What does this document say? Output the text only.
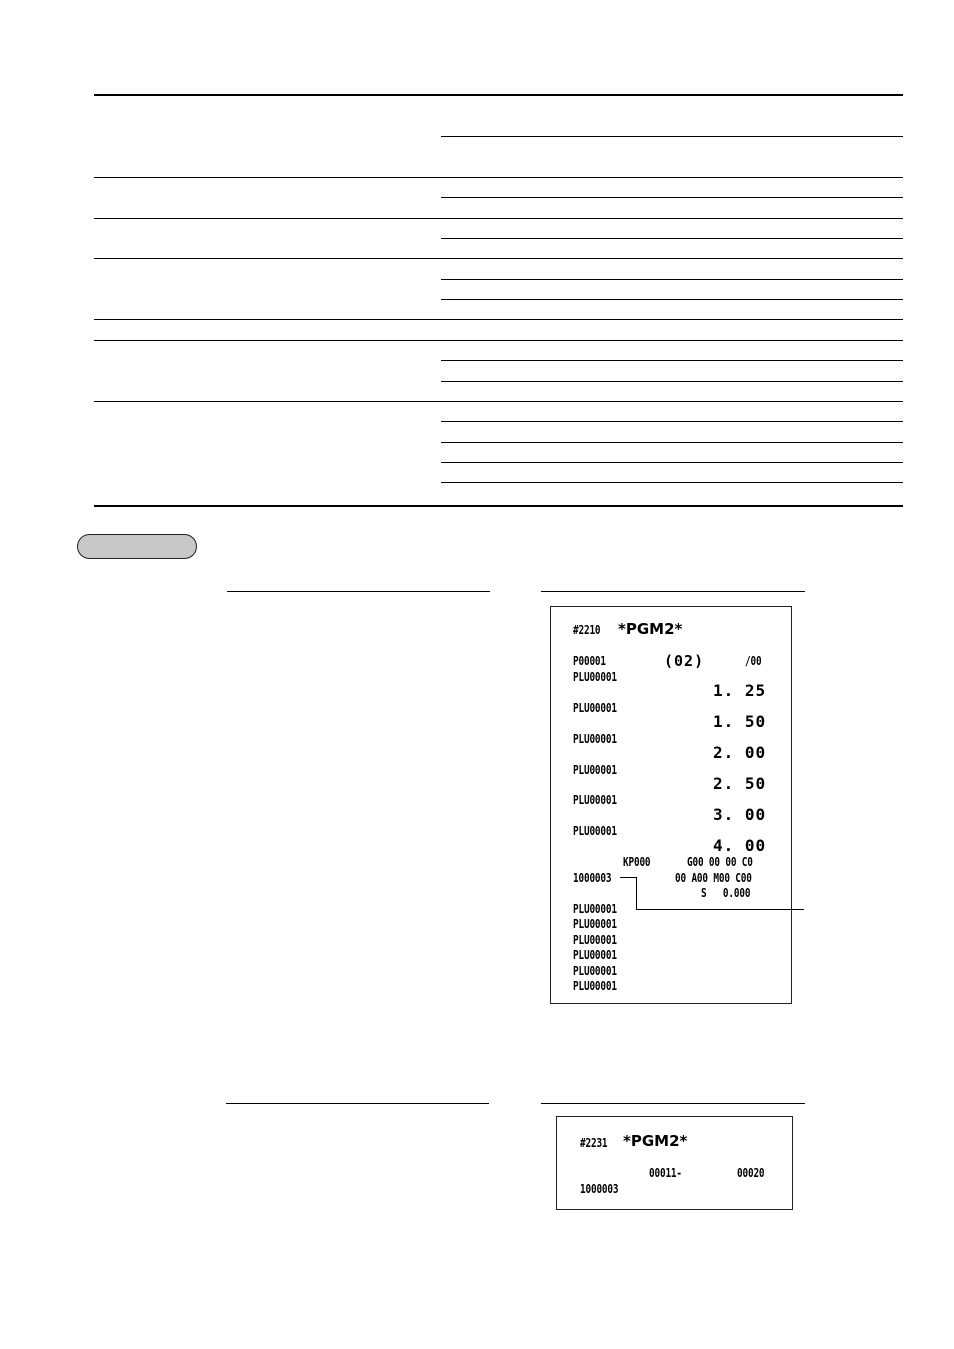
#2210 *PGM2*
P00001	(02)	/00
PLU00001
1. 25
PLU00001
1. 50
PLU00001
2. 00
PLU00001
2. 50
PLU00001
3. 00
PLU00001
4. 00
KP000	G00 00 00 C0
1000003	00 A00 M00 C00
S   0.000
PLU00001
PLU00001
PLU00001
PLU00001
PLU00001
PLU00001
#2231 *PGM2*
00011-	00020
1000003
